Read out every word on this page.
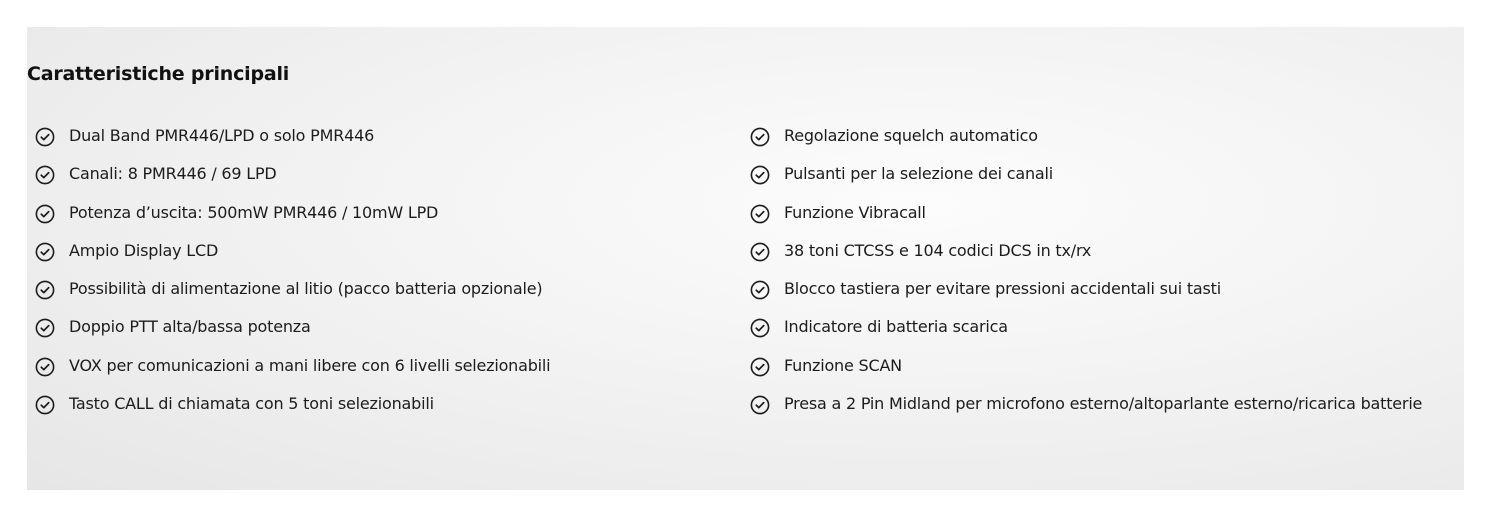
Caratteristiche principali
Dual Band PMR446/LPD o solo PMR446
Canali: 8 PMR446 / 69 LPD
Potenza d’uscita: 500mW PMR446 / 10mW LPD
Ampio Display LCD
Possibilità di alimentazione al litio (pacco batteria opzionale)
Doppio PTT alta/bassa potenza
VOX per comunicazioni a mani libere con 6 livelli selezionabili
Tasto CALL di chiamata con 5 toni selezionabili
Regolazione squelch automatico
Pulsanti per la selezione dei canali
Funzione Vibracall
38 toni CTCSS e 104 codici DCS in tx/rx
Blocco tastiera per evitare pressioni accidentali sui tasti
Indicatore di batteria scarica
Funzione SCAN
Presa a 2 Pin Midland per microfono esterno/altoparlante esterno/ricarica batterie
